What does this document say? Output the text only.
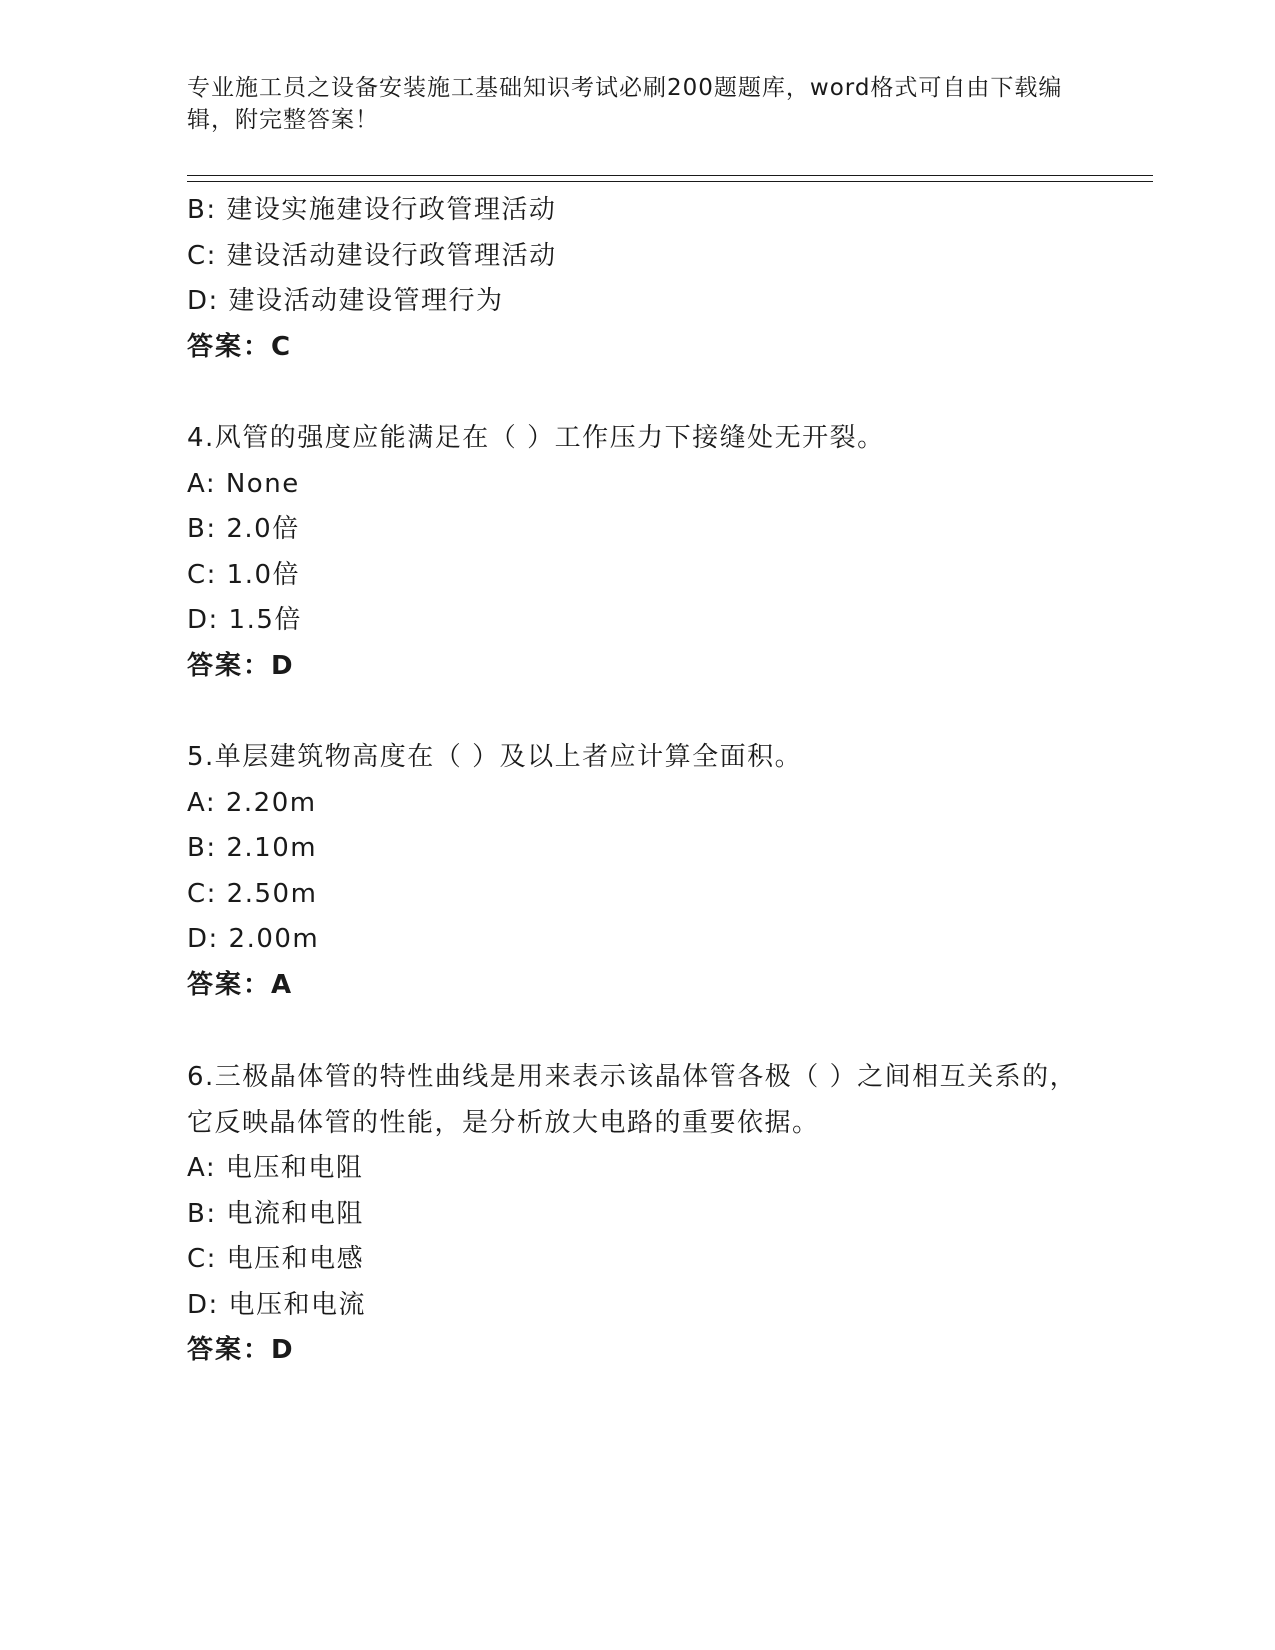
专业施工员之设备安装施工基础知识考试必刷200题题库，word格式可自由下载编辑，附完整答案！
B: 建设实施建设行政管理活动
C: 建设活动建设行政管理活动
D: 建设活动建设管理行为
答案：C
4.风管的强度应能满足在（ ）工作压力下接缝处无开裂。
A: None
B: 2.0倍
C: 1.0倍
D: 1.5倍
答案：D
5.单层建筑物高度在（ ）及以上者应计算全面积。
A: 2.20m
B: 2.10m
C: 2.50m
D: 2.00m
答案：A
6.三极晶体管的特性曲线是用来表示该晶体管各极（ ）之间相互关系的，它反映晶体管的性能，是分析放大电路的重要依据。
A: 电压和电阻
B: 电流和电阻
C: 电压和电感
D: 电压和电流
答案：D
